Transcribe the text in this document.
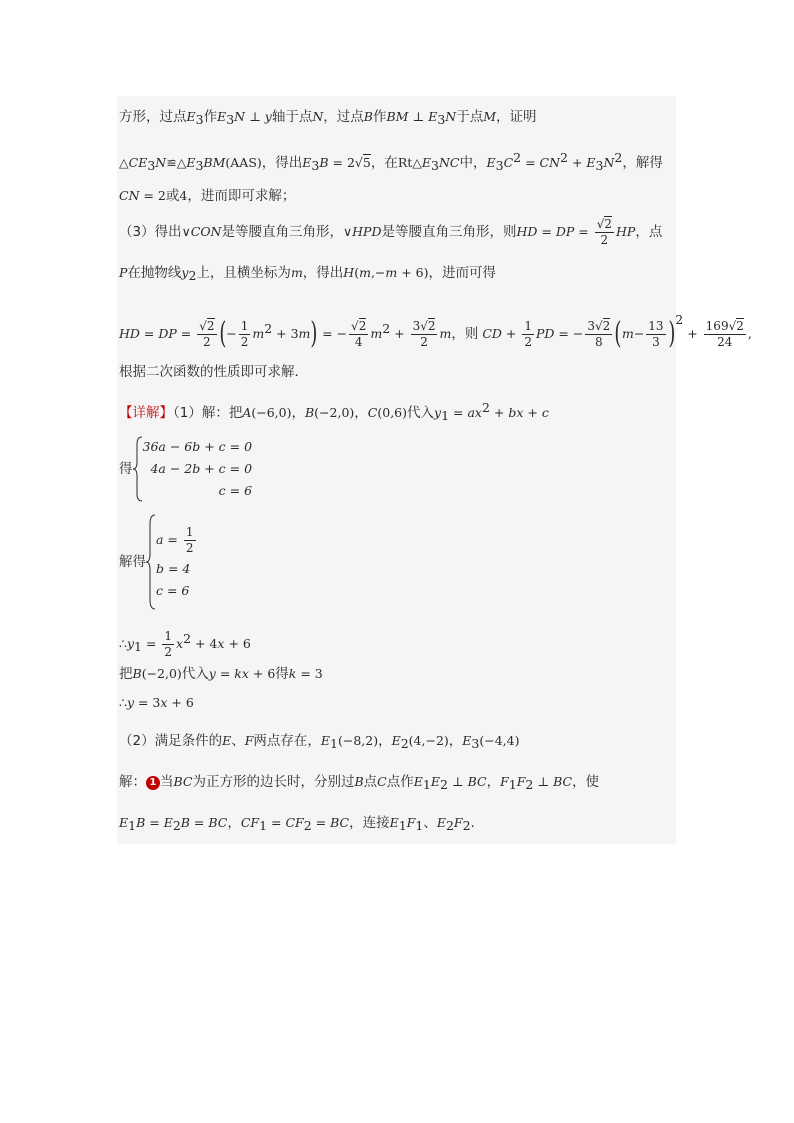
方形，过点$E_3$作$E_3N$ ⊥ y轴于点N，过点B作BM ⊥ $E_3N$于点M，证明
$\triangle CE_3N≌\triangle E_3BM(AAS)$，得出$E_3B = 2√5$，在$Rt\triangle E_3NC$中，$E_3C^2 = CN^2 + E_3N^2$，解得
CN = 2或4，进而即可求解；
（3）得出∨CON是等腰直角三角形，∨HPD是等腰直角三角形，则HD = DP = $\frac{√2}{2}$ HP，点
P在抛物线$y_2$上，且横坐标为m，得出H(m,−m + 6)，进而可得
HD = DP = $\frac{√2}{2}$ (− $\frac{1}{2} m^2 + 3m$) = − $\frac{√2}{4} m^2 + \frac{3√2}{2}$ m，则 CD + $\frac{1}{2}$ PD = − $\frac{3√2}{8} (m- \frac{13}{3} )^2 + \frac{169√2}{24}$ ,
根据二次函数的性质即可求解．
【详解】（1）解：把A(−6,0)，B(−2,0)，C(0,6)代入$y_1 = ax^2$ + bx + c
得
36a − 6b + c = 0
4a − 2b + c = 0
c = 6
解得
$a = \frac{1}{2}$
b = 4
c = 6
$\therefore y_1 = \frac{1}{2} x^2 + 4x + 6$
把B(−2,0)代入y = kx + 6得k = 3
∴y = 3x + 6
（2）满足条件的E、F两点存在，$E_1(-8,2)$，$E_2(4,-2)$，$E_3(-4,4)$
解： 1 当BC为正方形的边长时，分别过B点C点作$E_1E_2$ ⊥ BC，$F_1F_2$ ⊥ BC，使
$E_1B = E_2B$ = BC，$CF_1 = CF_2$ = BC，连接$E_1F_1$、$E_2F_2$.
